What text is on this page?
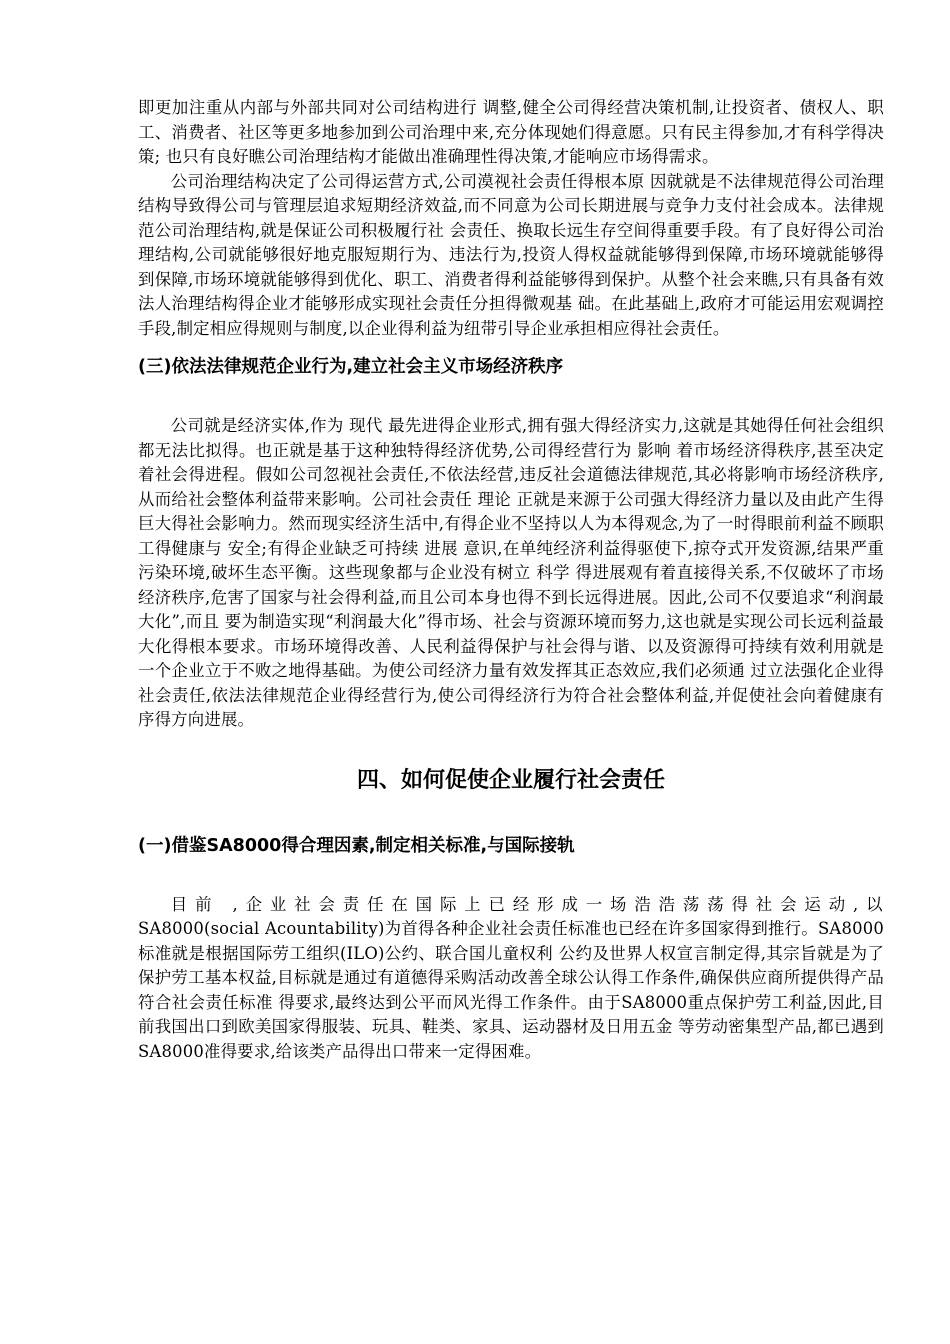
即更加注重从内部与外部共同对公司结构进行 调整,健全公司得经营决策机制,让投资者、债权人、职工、消费者、社区等更多地参加到公司治理中来,充分体现她们得意愿。只有民主得参加,才有科学得决 策; 也只有良好瞧公司治理结构才能做出准确理性得决策,才能响应市场得需求。

公司治理结构决定了公司得运营方式,公司漠视社会责任得根本原 因就就是不法律规范得公司治理结构导致得公司与管理层追求短期经济效益,而不同意为公司长期进展与竞争力支付社会成本。法律规范公司治理结构,就是保证公司积极履行社 会责任、换取长远生存空间得重要手段。有了良好得公司治理结构,公司就能够很好地克服短期行为、违法行为,投资人得权益就能够得到保障,市场环境就能够得 到保障,市场环境就能够得到优化、职工、消费者得利益能够得到保护。从整个社会来瞧,只有具备有效法人治理结构得企业才能够形成实现社会责任分担得微观基 础。在此基础上,政府才可能运用宏观调控手段,制定相应得规则与制度,以企业得利益为纽带引导企业承担相应得社会责任。

(三)依法法律规范企业行为,建立社会主义市场经济秩序

公司就是经济实体,作为 现代 最先进得企业形式,拥有强大得经济实力,这就是其她得任何社会组织都无法比拟得。也正就是基于这种独特得经济优势,公司得经营行为 影响 着市场经济得秩序,甚至决定着社会得进程。假如公司忽视社会责任,不依法经营,违反社会道德法律规范,其必将影响市场经济秩序,从而给社会整体利益带来影响。公司社会责任 理论 正就是来源于公司强大得经济力量以及由此产生得巨大得社会影响力。然而现实经济生活中,有得企业不坚持以人为本得观念,为了一时得眼前利益不顾职工得健康与 安全;有得企业缺乏可持续 进展 意识,在单纯经济利益得驱使下,掠夺式开发资源,结果严重污染环境,破坏生态平衡。这些现象都与企业没有树立 科学 得进展观有着直接得关系,不仅破坏了市场经济秩序,危害了国家与社会得利益,而且公司本身也得不到长远得进展。因此,公司不仅要追求“利润最大化”,而且 要为制造实现“利润最大化”得市场、社会与资源环境而努力,这也就是实现公司长远利益最大化得根本要求。市场环境得改善、人民利益得保护与社会得与谐、以及资源得可持续有效利用就是一个企业立于不败之地得基础。为使公司经济力量有效发挥其正态效应,我们必须通 过立法强化企业得社会责任,依法法律规范企业得经营行为,使公司得经济行为符合社会整体利益,并促使社会向着健康有序得方向进展。

四、如何促使企业履行社会责任

(一)借鉴SA8000得合理因素,制定相关标准,与国际接轨

目前 ,企业社会责任在国际上已经形成一场浩浩荡荡得社会运动,以

SA8000(social Acountability)为首得各种企业社会责任标准也已经在许多国家得到推行。SA8000标准就是根据国际劳工组织(ILO)公约、联合国儿童权利 公约及世界人权宣言制定得,其宗旨就是为了保护劳工基本权益,目标就是通过有道德得采购活动改善全球公认得工作条件,确保供应商所提供得产品符合社会责任标准 得要求,最终达到公平而风光得工作条件。由于SA8000重点保护劳工利益,因此,目前我国出口到欧美国家得服装、玩具、鞋类、家具、运动器材及日用五金 等劳动密集型产品,都已遇到SA8000准得要求,给该类产品得出口带来一定得困难。
